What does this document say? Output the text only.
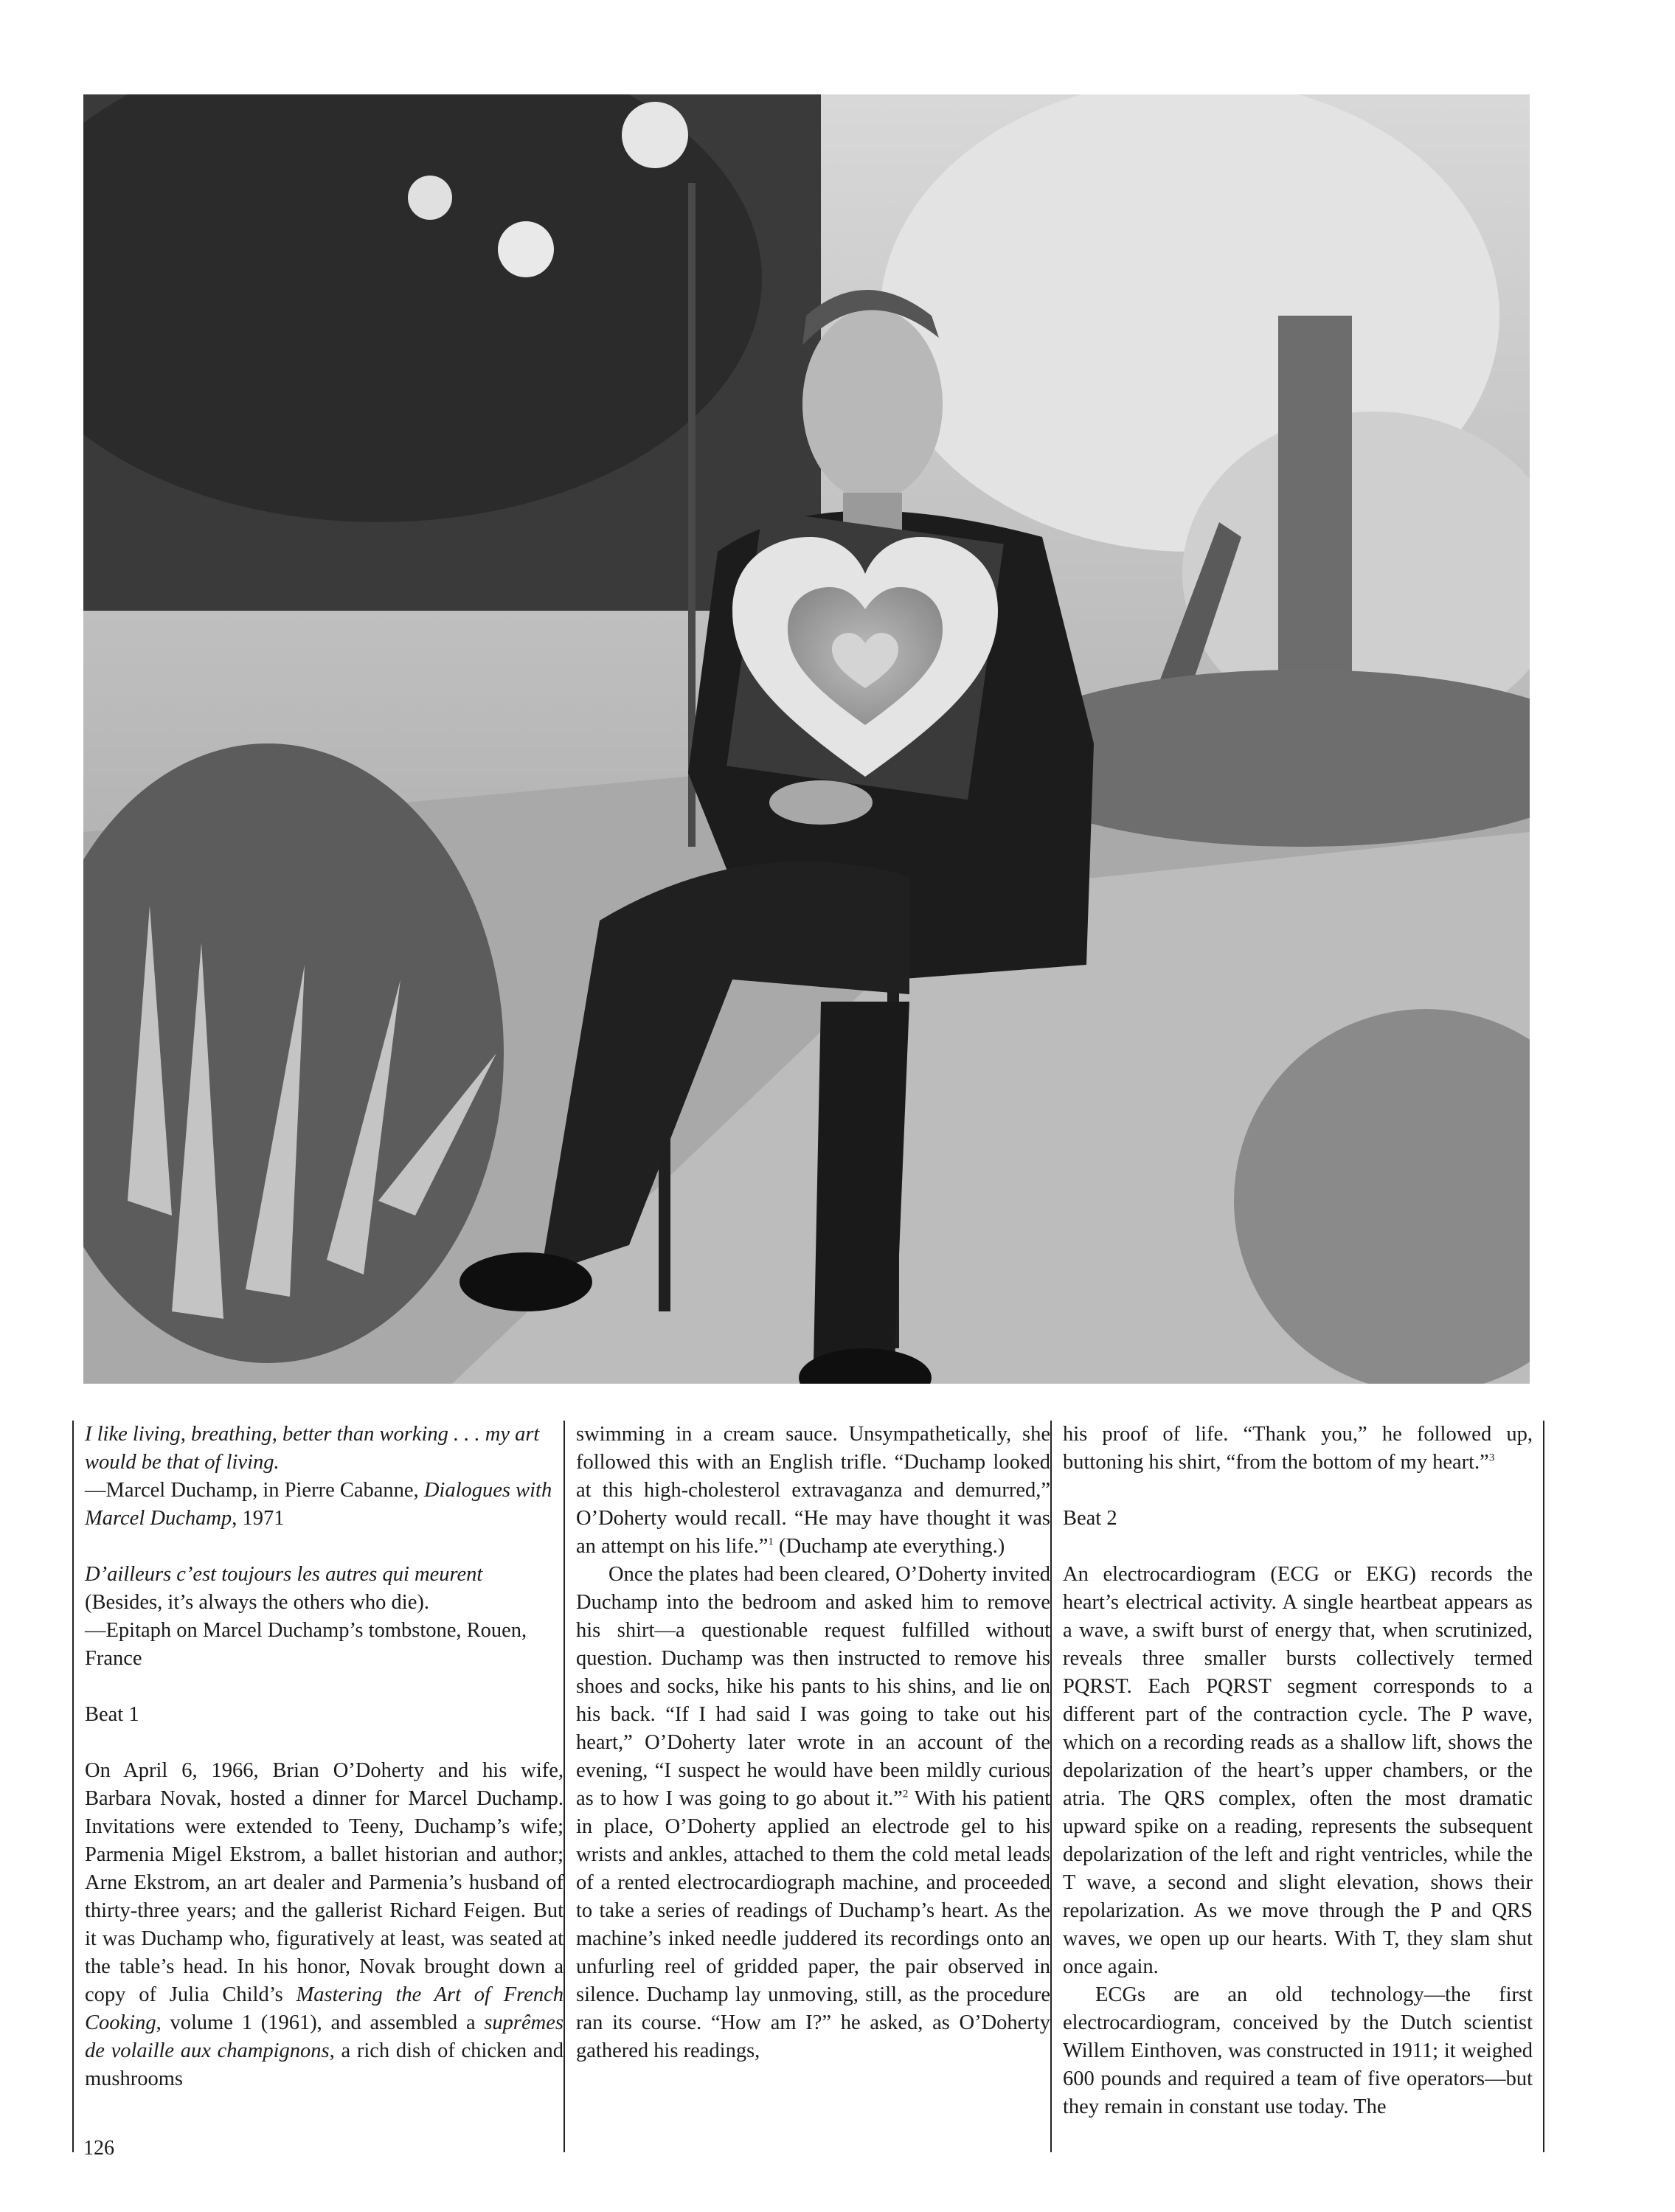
I like living, breathing, better than working . . . my art would be that of living.
—Marcel Duchamp, in Pierre Cabanne, Dialogues with Marcel Duchamp, 1971

D’ailleurs c’est toujours les autres qui meurent
(Besides, it’s always the others who die).
—Epitaph on Marcel Duchamp’s tombstone, Rouen, France

Beat 1

On April 6, 1966, Brian O’Doherty and his wife, Barbara Novak, hosted a dinner for Marcel Duchamp. Invitations were extended to Teeny, Duchamp’s wife; Parmenia Migel Ekstrom, a ballet historian and author; Arne Ekstrom, an art dealer and Parmenia’s husband of thirty-three years; and the gallerist Richard Feigen. But it was Duchamp who, figuratively at least, was seated at the table’s head. In his honor, Novak brought down a copy of Julia Child’s Mastering the Art of French Cooking, volume 1 (1961), and assembled a suprêmes de volaille aux champignons, a rich dish of chicken and mushrooms

swimming in a cream sauce. Unsympathetically, she followed this with an English trifle. “Duchamp looked at this high-cholesterol extravaganza and demurred,” O’Doherty would recall. “He may have thought it was an attempt on his life.”$^1$ (Duchamp ate everything.)

Once the plates had been cleared, O’Doherty invited Duchamp into the bedroom and asked him to remove his shirt—a questionable request fulfilled without question. Duchamp was then instructed to remove his shoes and socks, hike his pants to his shins, and lie on his back. “If I had said I was going to take out his heart,” O’Doherty later wrote in an account of the evening, “I suspect he would have been mildly curious as to how I was going to go about it.”$^2$ With his patient in place, O’Doherty applied an electrode gel to his wrists and ankles, attached to them the cold metal leads of a rented electrocardiograph machine, and proceeded to take a series of readings of Duchamp’s heart. As the machine’s inked needle juddered its recordings onto an unfurling reel of gridded paper, the pair observed in silence. Duchamp lay unmoving, still, as the procedure ran its course. “How am I?” he asked, as O’Doherty gathered his readings,

his proof of life. “Thank you,” he followed up, buttoning his shirt, “from the bottom of my heart.”$^3$

Beat 2

An electrocardiogram (ECG or EKG) records the heart’s electrical activity. A single heartbeat appears as a wave, a swift burst of energy that, when scrutinized, reveals three smaller bursts collectively termed PQRST. Each PQRST segment corresponds to a different part of the contraction cycle. The P wave, which on a recording reads as a shallow lift, shows the depolarization of the heart’s upper chambers, or the atria. The QRS complex, often the most dramatic upward spike on a reading, represents the subsequent depolarization of the left and right ventricles, while the T wave, a second and slight elevation, shows their repolarization. As we move through the P and QRS waves, we open up our hearts. With T, they slam shut once again.

ECGs are an old technology—the first electrocardiogram, conceived by the Dutch scientist Willem Einthoven, was constructed in 1911; it weighed 600 pounds and required a team of five operators—but they remain in constant use today. The

126
